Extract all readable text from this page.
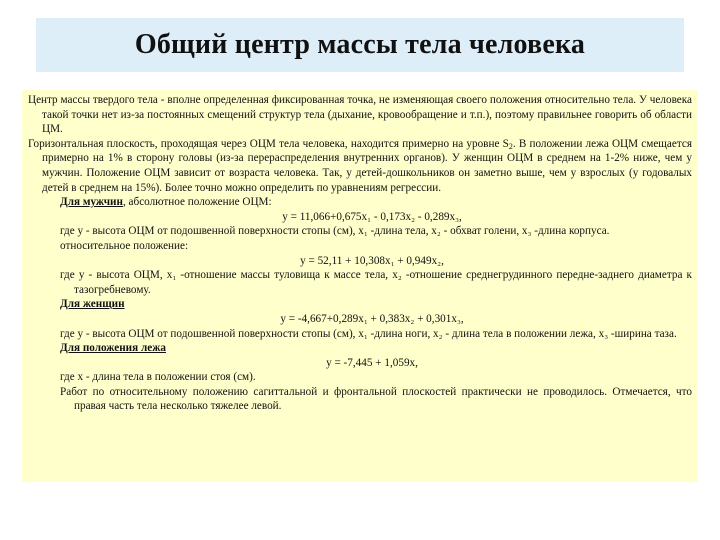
Общий центр массы тела человека

Центр массы твердого тела - вполне определенная фиксированная точка, не изменяющая своего положения относительно тела. У человека такой точки нет из-за постоянных смещений структур тела (дыхание, кровообращение и т.п.), поэтому правильнее говорить об области ЦМ.

Горизонтальная плоскость, проходящая через ОЦМ тела человека, находится примерно на уровне $S_2$. В положении лежа ОЦМ смещается примерно на 1% в сторону головы (из-за перераспределения внутренних органов). У женщин ОЦМ в среднем на 1-2% ниже, чем у мужчин. Положение ОЦМ зависит от возраста человека. Так, у детей-дошкольников он заметно выше, чем у взрослых (у годовалых детей в среднем на 15%). Более точно можно определить по уравнениям регрессии.

Для мужчин, абсолютное положение ОЦМ:

y = 11,066+0,675x₁ - 0,173x₂ - 0,289x₃,

где y - высота ОЦМ от подошвенной поверхности стопы (см), x₁ -длина тела, x₂ - обхват голени, x₃ -длина корпуса.

относительное положение:

y = 52,11 + 10,308x₁ + 0,949x₂,

где y - высота ОЦМ, x₁ -отношение массы туловища к массе тела, x₂ -отношение среднегрудинного передне-заднего диаметра к тазогребневому.

Для женщин

y = -4,667+0,289x₁ + 0,383x₂ + 0,301x₃,

где y - высота ОЦМ от подошвенной поверхности стопы (см), x₁ -длина ноги, x₂ - длина тела в положении лежа, x₃ -ширина таза.

Для положения лежа

y = -7,445 + 1,059x,

где x - длина тела в положении стоя (см).

Работ по относительному положению сагиттальной и фронтальной плоскостей практически не проводилось. Отмечается, что правая часть тела несколько тяжелее левой.
